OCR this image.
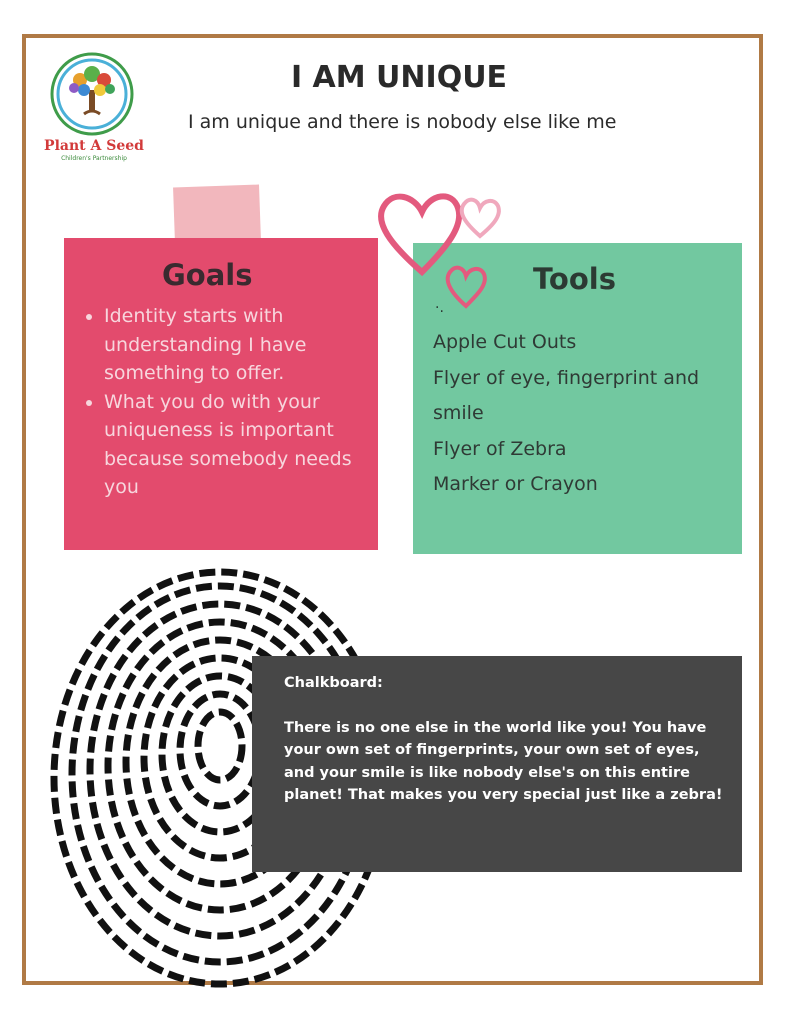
Plant A Seed
Children's Partnership
I AM UNIQUE
I am unique and there is nobody else like me
Goals
• Identity starts with understanding I have something to offer.
• What you do with your uniqueness is important because somebody needs you
Tools
·.
Apple Cut Outs
Flyer of eye, fingerprint and
smile
Flyer of Zebra
Marker or Crayon

Chalkboard:

There is no one else in the world like you! You have your own set of fingerprints, your own set of eyes, and your smile is like nobody else's on this entire planet! That makes you very special just like a zebra!
